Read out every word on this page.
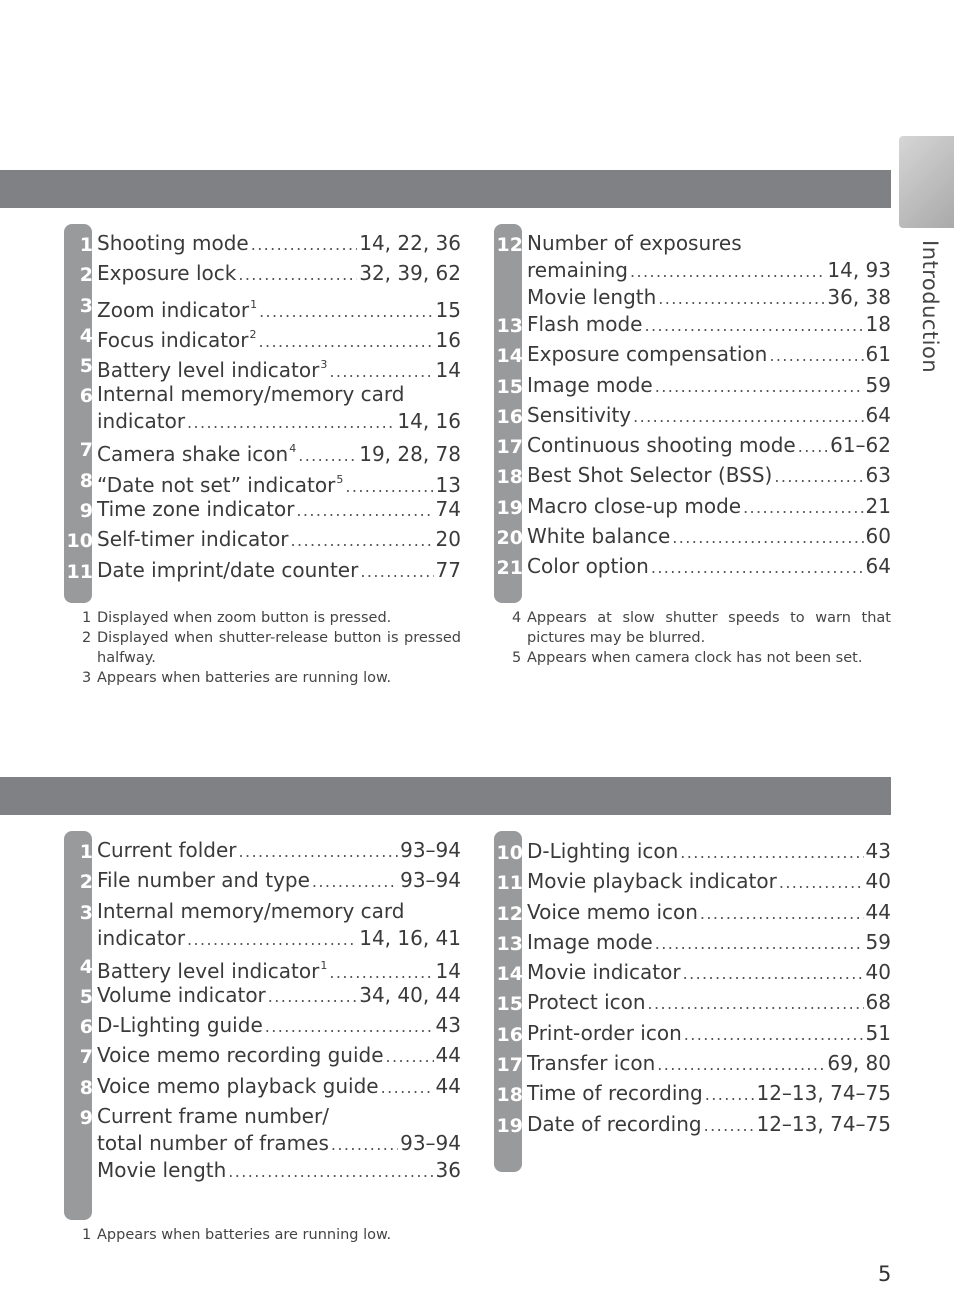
Introduction
1 Shooting mode .....	14, 22, 36
2 Exposure lock .....	32, 39, 62
3 Zoom indicator$^1$ .....	15
4 Focus indicator$^2$ .....	16
5 Battery level indicator$^3$ .....	14
6 Internal memory/memory card
indicator .....	14, 16
7 Camera shake icon$^4$ .....	19, 28, 78
8 “Date not set” indicator$^5$ .....	13
9 Time zone indicator .....	74
10 Self-timer indicator .....	20
11 Date imprint/date counter .....	77
12 Number of exposures
remaining .....	14, 93
Movie length .....	36, 38
13 Flash mode .....	18
14 Exposure compensation .....	61
15 Image mode .....	59
16 Sensitivity .....	64
17 Continuous shooting mode ..... 61–62
18 Best Shot Selector (BSS) .....	63
19 Macro close-up mode .....	21
20 White balance .....	60
21 Color option .....	64
1 Current folder .....	93–94
2 File number and type .....	93–94
3 Internal memory/memory card
indicator .....	14, 16, 41
4 Battery level indicator$^1$ .....	14
5 Volume indicator .....	34, 40, 44
6 D-Lighting guide .....	43
7 Voice memo recording guide .....	44
8 Voice memo playback guide .....	44
9 Current frame number/
total number of frames .....	93–94
Movie length .....	36
10 D-Lighting icon .....	43
11 Movie playback indicator .....	40
12 Voice memo icon .....	44
13 Image mode .....	59
14 Movie indicator .....	40
15 Protect icon .....	68
16 Print-order icon .....	51
17 Transfer icon .....	69, 80
18 Time of recording .....	12–13, 74–75
19 Date of recording .....	12–13, 74–75
1 Displayed when zoom button is pressed.
2 Displayed when shutter-release button is pressed halfway.
3 Appears when batteries are running low.
4 Appears at slow shutter speeds to warn that pictures may be blurred.
5 Appears when camera clock has not been set.
1 Appears when batteries are running low.
5
